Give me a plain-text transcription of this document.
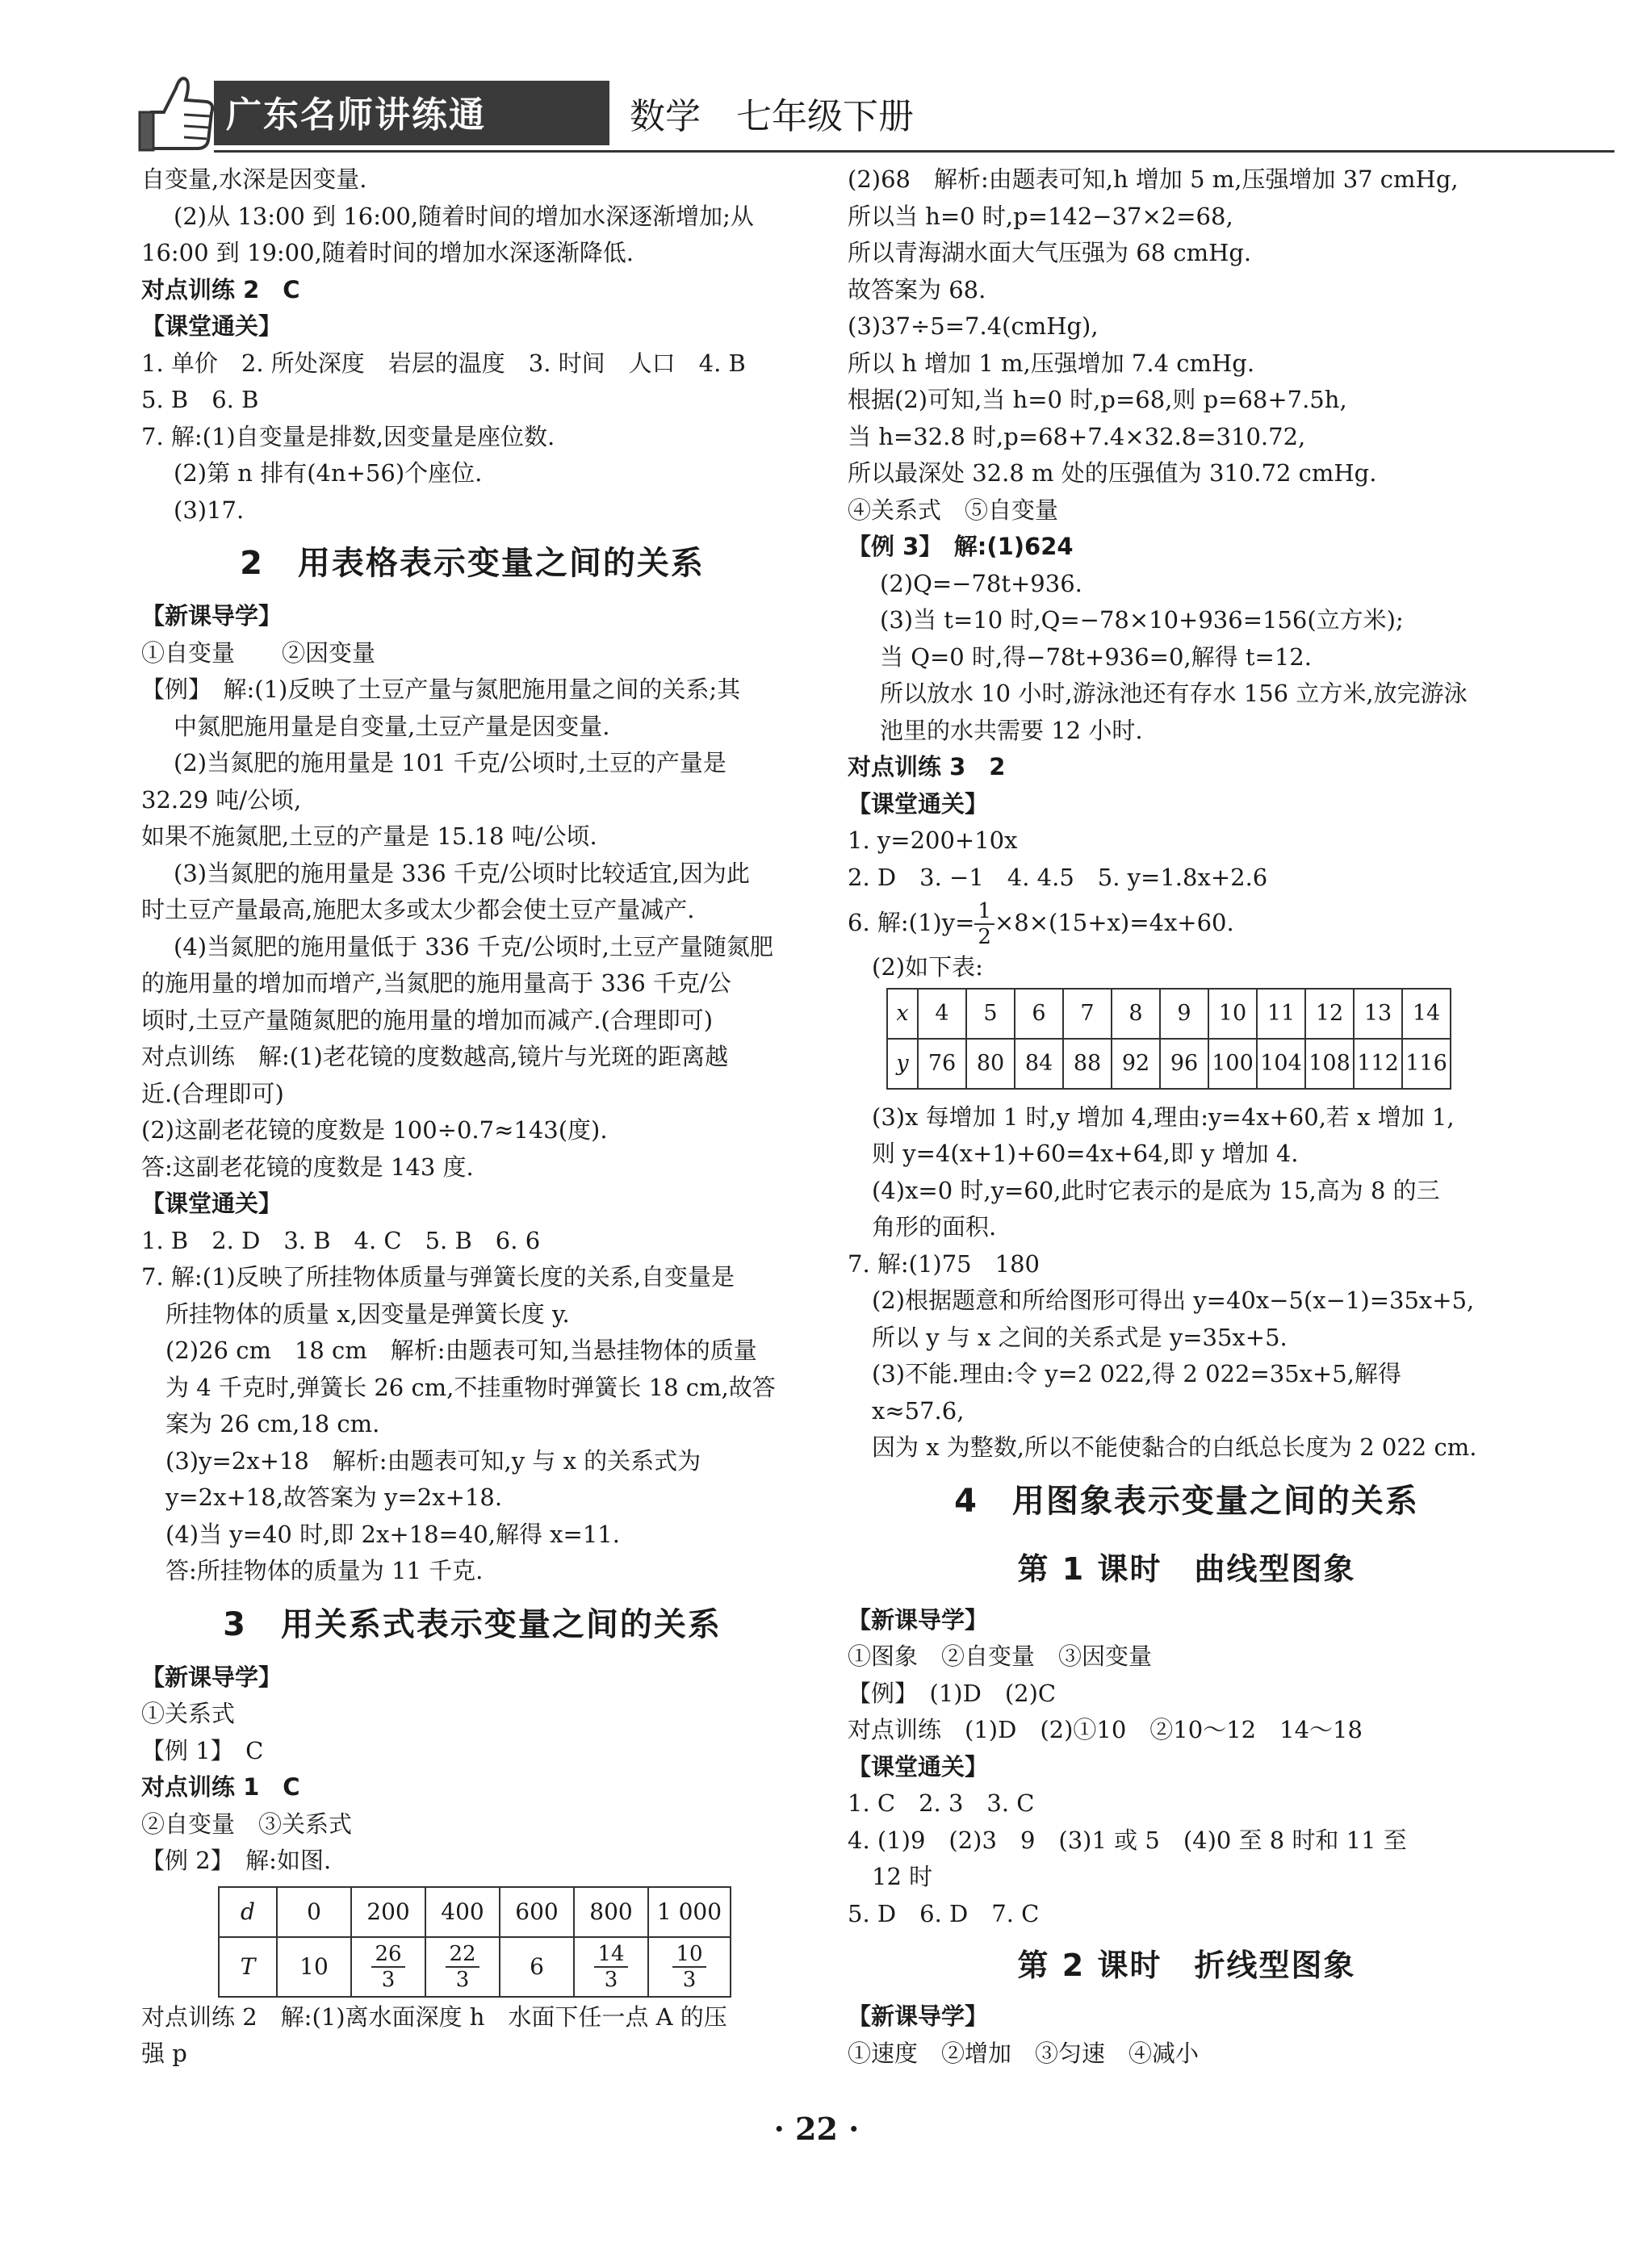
广东名师讲练通	数学　七年级下册
自变量,水深是因变量.
(2)从 13:00 到 16:00,随着时间的增加水深逐渐增加;从
16:00 到 19:00,随着时间的增加水深逐渐降低.
对点训练 2　C
【课堂通关】
1. 单价　2. 所处深度　岩层的温度　3. 时间　人口　4. B
5. B　6. B
7. 解:(1)自变量是排数,因变量是座位数.
(2)第 n 排有(4n+56)个座位.
(3)17.
2　用表格表示变量之间的关系
【新课导学】
①自变量　　②因变量
【例】　解:(1)反映了土豆产量与氮肥施用量之间的关系;其
中氮肥施用量是自变量,土豆产量是因变量.
(2)当氮肥的施用量是 101 千克/公顷时,土豆的产量是
32.29 吨/公顷,
如果不施氮肥,土豆的产量是 15.18 吨/公顷.
(3)当氮肥的施用量是 336 千克/公顷时比较适宜,因为此
时土豆产量最高,施肥太多或太少都会使土豆产量减产.
(4)当氮肥的施用量低于 336 千克/公顷时,土豆产量随氮肥
的施用量的增加而增产,当氮肥的施用量高于 336 千克/公
顷时,土豆产量随氮肥的施用量的增加而减产.(合理即可)
对点训练　解:(1)老花镜的度数越高,镜片与光斑的距离越
近.(合理即可)
(2)这副老花镜的度数是 100÷0.7≈143(度).
答:这副老花镜的度数是 143 度.
【课堂通关】
1. B　2. D　3. B　4. C　5. B　6. 6
7. 解:(1)反映了所挂物体质量与弹簧长度的关系,自变量是
所挂物体的质量 x,因变量是弹簧长度 y.
(2)26 cm　18 cm　解析:由题表可知,当悬挂物体的质量
为 4 千克时,弹簧长 26 cm,不挂重物时弹簧长 18 cm,故答
案为 26 cm,18 cm.
(3)y=2x+18　解析:由题表可知,y 与 x 的关系式为
y=2x+18,故答案为 y=2x+18.
(4)当 y=40 时,即 2x+18=40,解得 x=11.
答:所挂物体的质量为 11 千克.
3　用关系式表示变量之间的关系
【新课导学】
①关系式
【例 1】　C
对点训练 1　C
②自变量　③关系式
【例 2】　解:如图.
d	0	200	400	600	800	1 000
T	10	$\frac{26}{3}$	$\frac{22}{3}$	6	$\frac{14}{3}$	$\frac{10}{3}$
对点训练 2　解:(1)离水面深度 h　水面下任一点 A 的压
强 p
(2)68　解析:由题表可知,h 增加 5 m,压强增加 37 cmHg,
所以当 h=0 时,p=142−37×2=68,
所以青海湖水面大气压强为 68 cmHg.
故答案为 68.
(3)37÷5=7.4(cmHg),
所以 h 增加 1 m,压强增加 7.4 cmHg.
根据(2)可知,当 h=0 时,p=68,则 p=68+7.5h,
当 h=32.8 时,p=68+7.4×32.8=310.72,
所以最深处 32.8 m 处的压强值为 310.72 cmHg.
④关系式　⑤自变量
【例 3】　解:(1)624
(2)Q=−78t+936.
(3)当 t=10 时,Q=−78×10+936=156(立方米);
当 Q=0 时,得−78t+936=0,解得 t=12.
所以放水 10 小时,游泳池还有存水 156 立方米,放完游泳
池里的水共需要 12 小时.
对点训练 3　2
【课堂通关】
1. y=200+10x
2. D　3. −1　4. 4.5　5. y=1.8x+2.6
6. 解:(1)y= $\frac{1}{2} \times 8\times(15+x)=4x+60$.
(2)如下表:
x	4	5	6	7	8	9	10	11	12	13	14
y	76	80	84	88	92	96	100	104	108	112	116
(3)x 每增加 1 时,y 增加 4,理由:y=4x+60,若 x 增加 1,
则 y=4(x+1)+60=4x+64,即 y 增加 4.
(4)x=0 时,y=60,此时它表示的是底为 15,高为 8 的三
角形的面积.
7. 解:(1)75　180
(2)根据题意和所给图形可得出 y=40x−5(x−1)=35x+5,
所以 y 与 x 之间的关系式是 y=35x+5.
(3)不能.理由:令 y=2 022,得 2 022=35x+5,解得
x≈57.6,
因为 x 为整数,所以不能使黏合的白纸总长度为 2 022 cm.
4　用图象表示变量之间的关系
第 1 课时　曲线型图象
【新课导学】
①图象　②自变量　③因变量
【例】　(1)D　(2)C
对点训练　(1)D　(2)①10　②10～12　14～18
【课堂通关】
1. C　2. 3　3. C
4. (1)9　(2)3　9　(3)1 或 5　(4)0 至 8 时和 11 至
12 时
5. D　6. D　7. C
第 2 课时　折线型图象
【新课导学】
①速度　②增加　③匀速　④减小
· 22 ·
